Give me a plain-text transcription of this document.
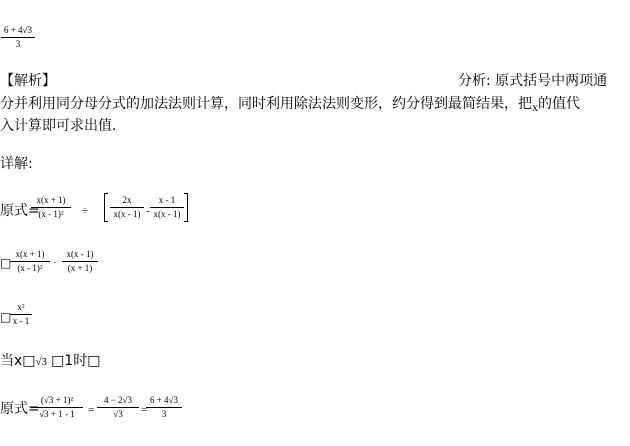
6 + 4√3
3
【解析】	分析: 原式括号中两项通
分并利用同分母分式的加法法则计算，同时利用除法法则变形，约分得到最简结果，把x的值代
入计算即可求出值．
详解:
原式=
x(x + 1)
(x - 1)²	÷
2x
x(x - 1) -
x - 1
x(x - 1)
□
x(x + 1)
(x - 1)² ·
x(x - 1)
(x + 1)
□
x²
x - 1
当x□√3 □1时□
原式=
(√3 + 1)²
√3 + 1 - 1	=
4 − 2√3
√3	=
6 + 4√3
3
